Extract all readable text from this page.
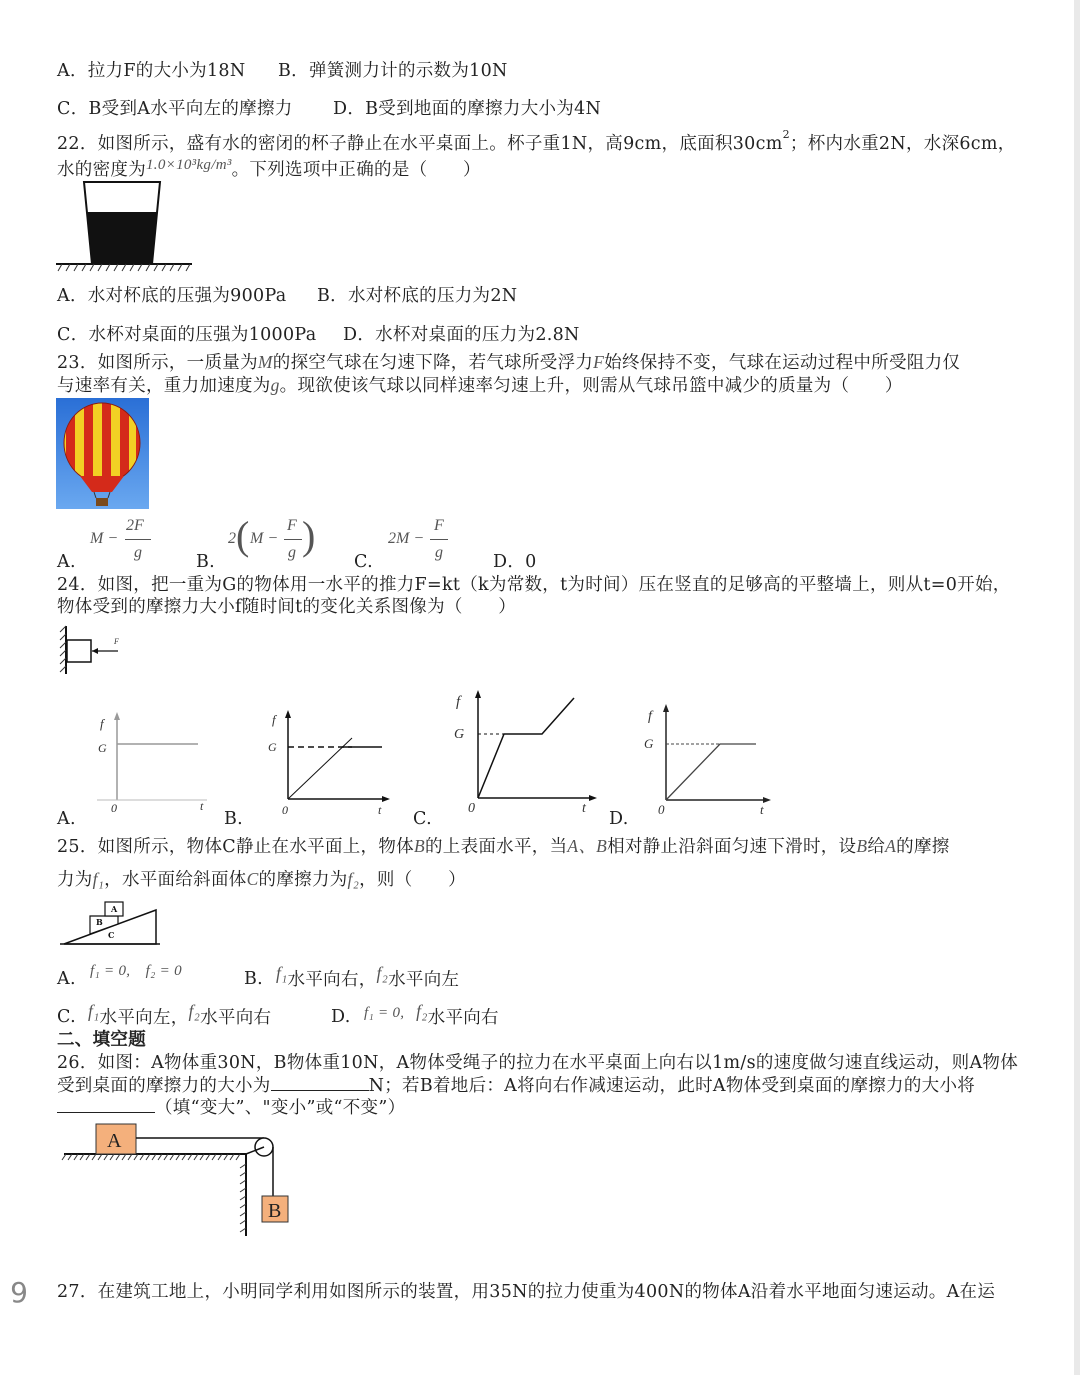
A．拉力F的大小为18N B．弹簧测力计的示数为10N
C．B受到A水平向左的摩擦力 D．B受到地面的摩擦力大小为4N
22．如图所示，盛有水的密闭的杯子静止在水平桌面上。杯子重1N，高9cm，底面积$30cm^2$；杯内水重2N，水深6cm，
水的密度为1.0×10³kg/m³。下列选项中正确的是（　　）
A．水对杯底的压强为900Pa B．水对杯底的压力为2N
C．水杯对桌面的压强为1000Pa D．水杯对桌面的压力为2.8N
23．如图所示，一质量为M的探空气球在匀速下降，若气球所受浮力F始终保持不变，气球在运动过程中所受阻力仅
与速率有关，重力加速度为g。现欲使该气球以同样速率匀速上升，则需从气球吊篮中减少的质量为（　　）
A.
M −
2F
g	B.
2 ( M −
F
g )
C.
2M −
F
g	D．0
24．如图，把一重为G的物体用一水平的推力F=kt（k为常数，t为时间）压在竖直的足够高的平整墙上，则从t=0开始，
物体受到的摩擦力大小f随时间t的变化关系图像为（　　）
F
f
G
0	t
A.
f
G
0	t
B.
f
G
0	t
C.
f
G
0	t
D.
25．如图所示，物体C静止在水平面上，物体B的上表面水平，当A、B相对静止沿斜面匀速下滑时，设B给A的摩擦
力为f₁，水平面给斜面体C的摩擦力为f₂，则（　　）
A
B
C
A. f₁ = 0,　f₂ = 0	B. f₁水平向右，f₂水平向左
C. f₁水平向左，f₂水平向右	D. f₁ = 0, f₂水平向右
二、填空题
26．如图：A物体重30N，B物体重10N，A物体受绳子的拉力在水平桌面上向右以1m/s的速度做匀速直线运动，则A物体
受到桌面的摩擦力的大小为	N；若B着地后：A将向右作减速运动，此时A物体受到桌面的摩擦力的大小将
（填“变大”、"变小”或“不变”）
A
B
9	27．在建筑工地上，小明同学利用如图所示的装置，用35N的拉力使重为400N的物体A沿着水平地面匀速运动。A在运
